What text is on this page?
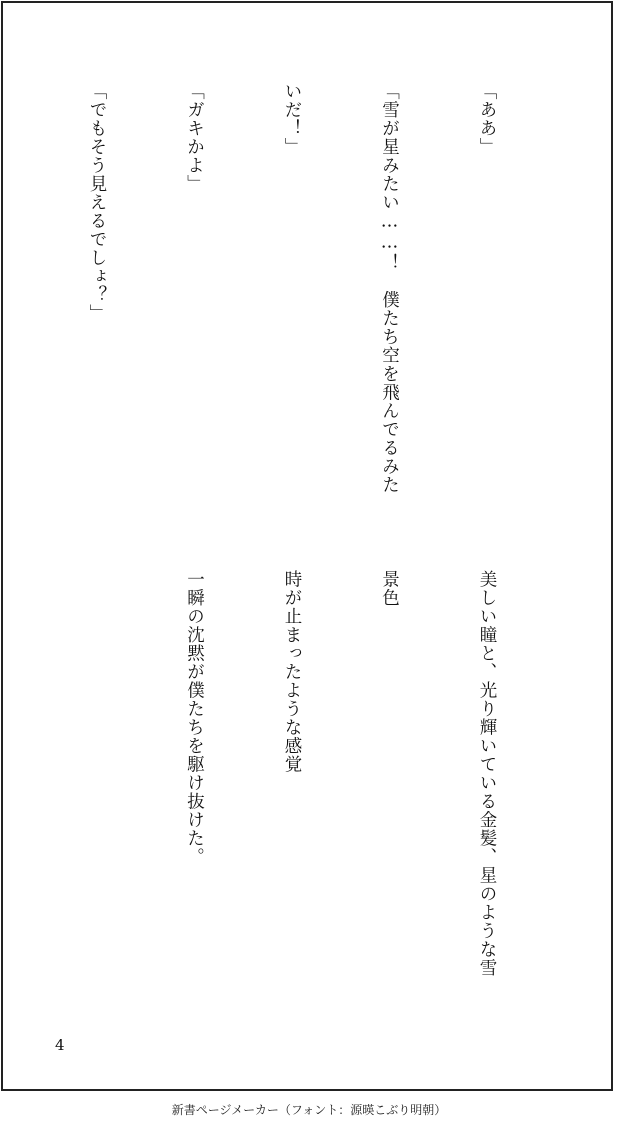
「ああ」

「雪が星みたい……！　僕たち空を飛んでるみた

いだ！」

「ガキかよ」

「でもそう見えるでしょ？」

美しい瞳と、光り輝いている金髪、星のような雪

景色

時が止まったような感覚

一瞬の沈黙が僕たちを駆け抜けた。

4
新書ページメーカー（フォント：源暎こぶり明朝）
